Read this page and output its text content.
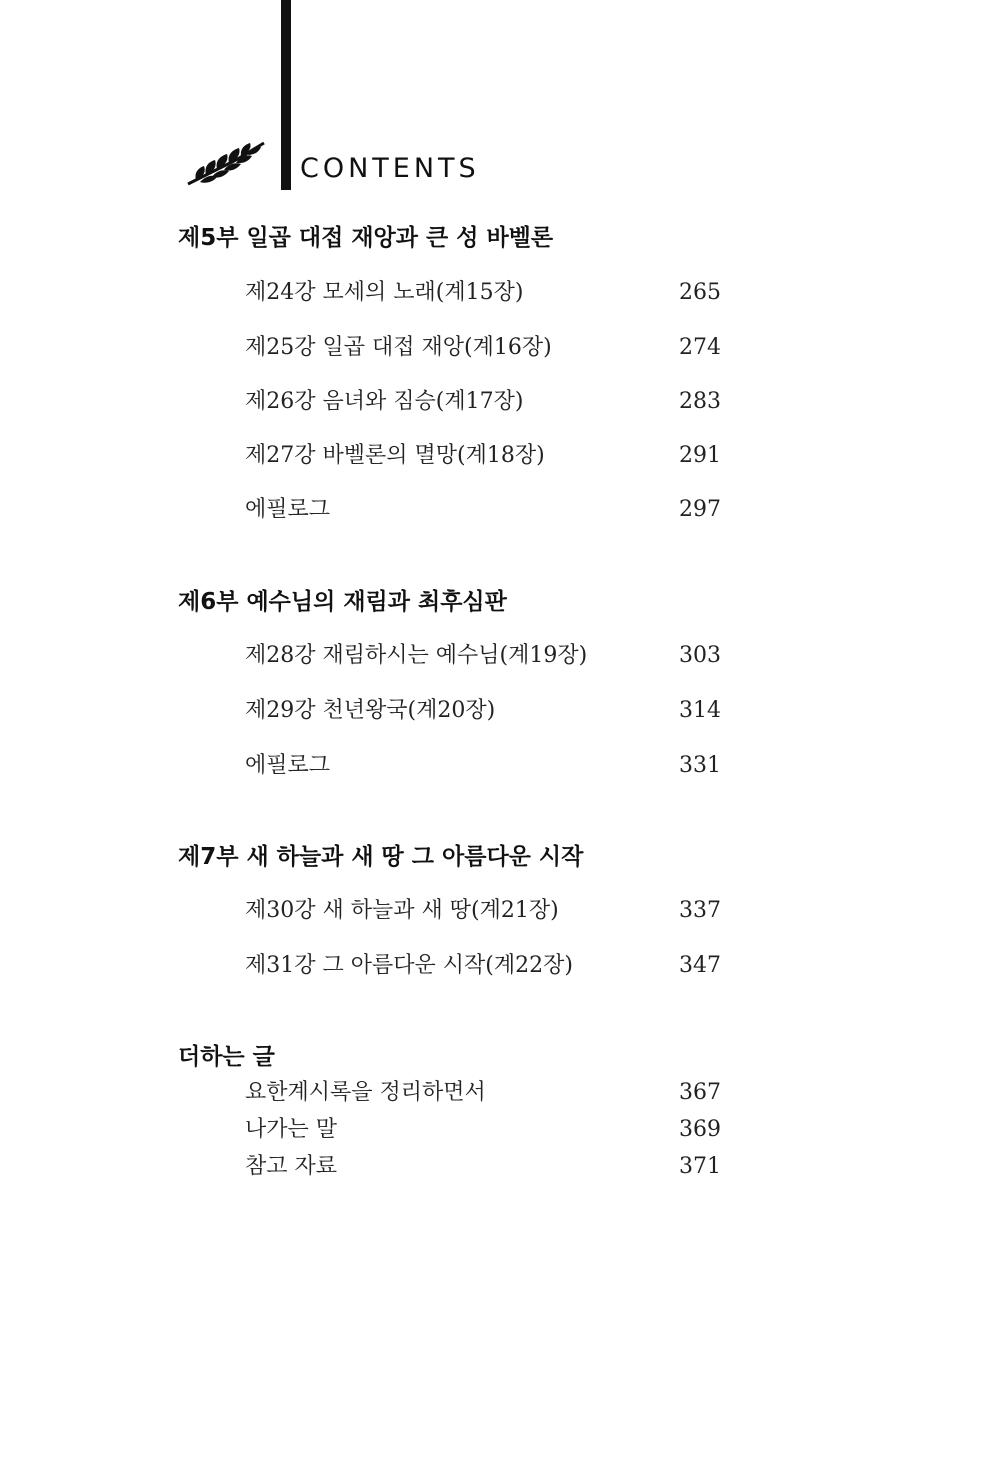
CONTENTS
제5부 일곱 대접 재앙과 큰 성 바벨론
제24강 모세의 노래(계15장)	265
제25강 일곱 대접 재앙(계16장)	274
제26강 음녀와 짐승(계17장)	283
제27강 바벨론의 멸망(계18장)	291
에필로그	297
제6부 예수님의 재림과 최후심판
제28강 재림하시는 예수님(계19장)	303
제29강 천년왕국(계20장)	314
에필로그	331
제7부 새 하늘과 새 땅 그 아름다운 시작
제30강 새 하늘과 새 땅(계21장)	337
제31강 그 아름다운 시작(계22장)	347
더하는 글
요한계시록을 정리하면서	367
나가는 말	369
참고 자료	371
